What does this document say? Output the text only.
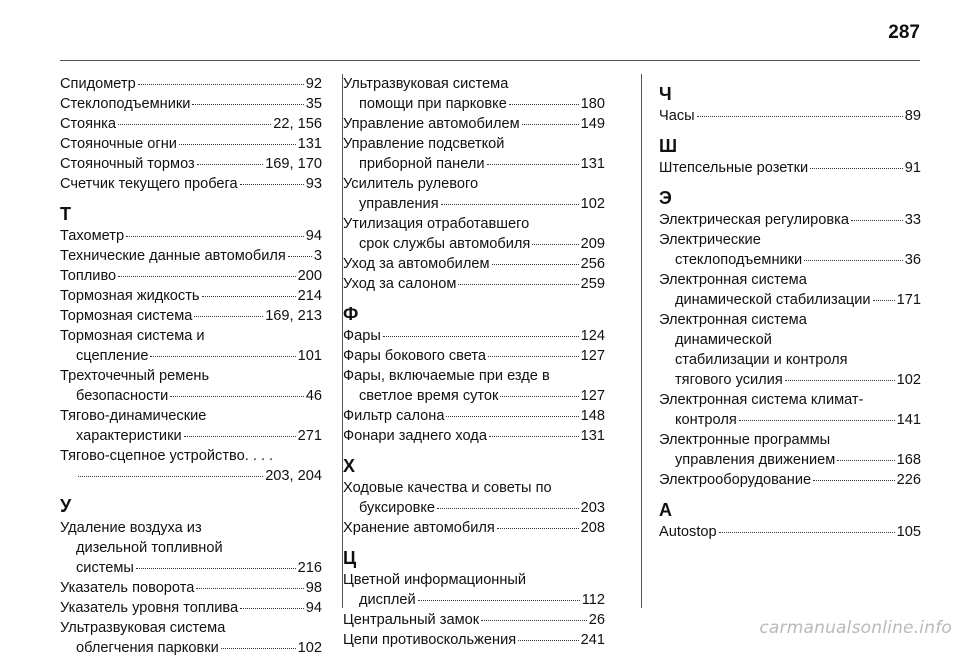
287
Спидометр	92
Стеклоподъемники	35
Стоянка	22, 156
Стояночные огни	131
Стояночный тормоз	169, 170
Счетчик текущего пробега	93
Т
Тахометр	94
Технические данные автомобиля 3
Топливо	200
Тормозная жидкость	214
Тормозная система	169, 213
Тормозная система и
сцепление	101
Трехточечный ремень
безопасности	46
Тягово-динамические
характеристики	271
Тягово-сцепное устройство. . . .
203, 204
У
Удаление воздуха из
дизельной топливной
системы	216
Указатель поворота	98
Указатель уровня топлива	94
Ультразвуковая система
облегчения парковки	102
Ультразвуковая система
помощи при парковке	180
Управление автомобилем	149
Управление подсветкой
приборной панели	131
Усилитель рулевого
управления	102
Утилизация отработавшего
срок службы автомобиля	209
Уход за автомобилем	256
Уход за салоном	259
Ф
Фары	124
Фары бокового света	127
Фары, включаемые при езде в
светлое время суток	127
Фильтр салона	148
Фонари заднего хода	131
Х
Ходовые качества и советы по
буксировке	203
Хранение автомобиля	208
Ц
Цветной информационный
дисплей	112
Центральный замок	26
Цепи противоскольжения	241
Ч
Часы	89
Ш
Штепсельные розетки	91
Э
Электрическая регулировка	33
Электрические
стеклоподъемники	36
Электронная система
динамической стабилизации 171
Электронная система
динамической
стабилизации и контроля
тягового усилия	102
Электронная система климат-
контроля	141
Электронные программы
управления движением	168
Электрооборудование	226
A
Autostop	105
carmanualsonline.info
